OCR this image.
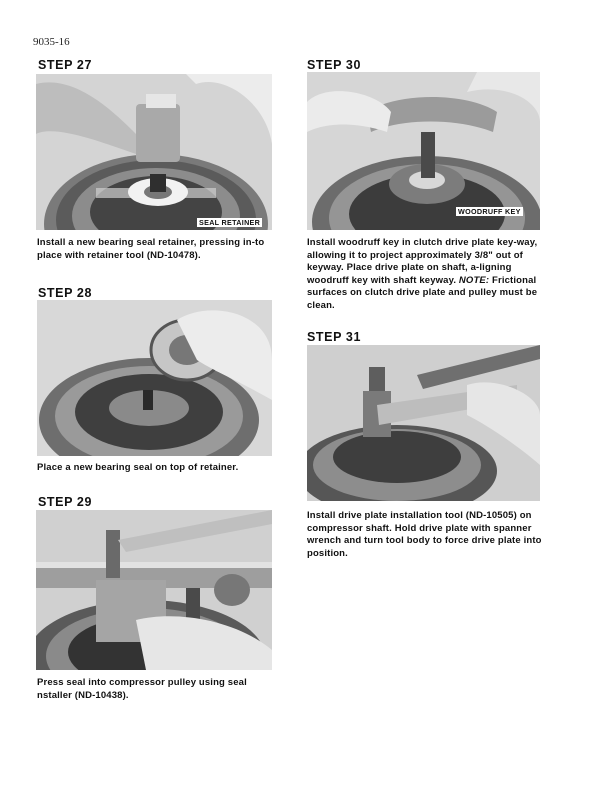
9035-16
STEP 27
SEAL RETAINER

Install a new bearing seal retainer, pressing in-to place with retainer tool (ND-10478).

STEP 28

Place a new bearing seal on top of retainer.

STEP 29

Press seal into compressor pulley using seal nstaller (ND-10438).

STEP 30
WOODRUFF KEY

Install woodruff key in clutch drive plate key-way, allowing it to project approximately 3/8" out of keyway. Place drive plate on shaft, a-ligning woodruff key with shaft keyway. NOTE: Frictional surfaces on clutch drive plate and pulley must be clean.

STEP 31

Install drive plate installation tool (ND-10505) on compressor shaft. Hold drive plate with spanner wrench and turn tool body to force drive plate into position.
